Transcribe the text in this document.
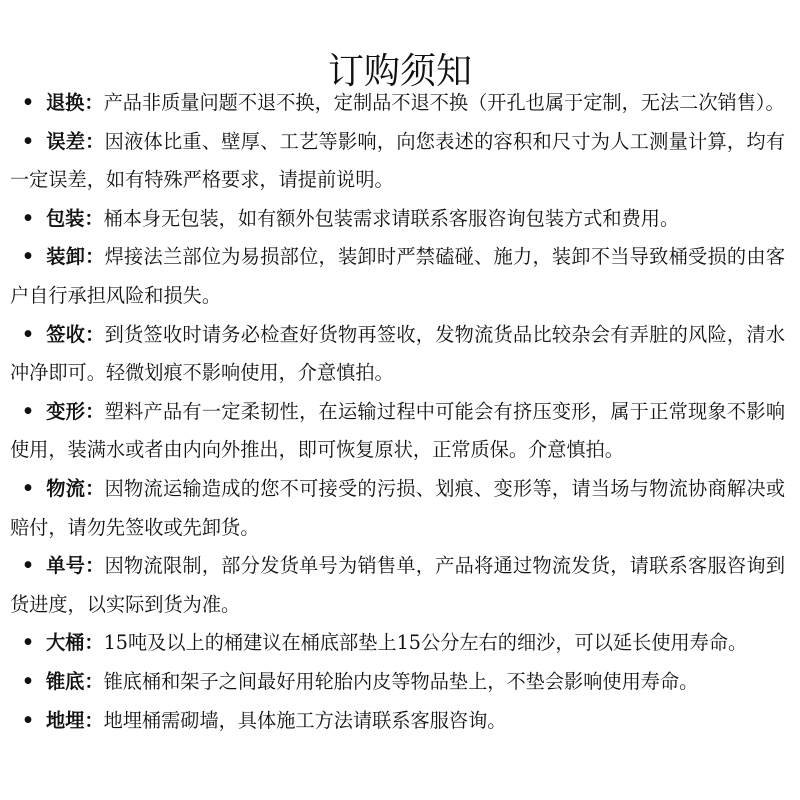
订购须知

• 退换：产品非质量问题不退不换，定制品不退不换（开孔也属于定制，无法二次销售）。

• 误差：因液体比重、壁厚、工艺等影响，向您表述的容积和尺寸为人工测量计算，均有一定误差，如有特殊严格要求，请提前说明。

• 包装：桶本身无包装，如有额外包装需求请联系客服咨询包装方式和费用。

• 装卸：焊接法兰部位为易损部位，装卸时严禁磕碰、施力，装卸不当导致桶受损的由客户自行承担风险和损失。

• 签收：到货签收时请务必检查好货物再签收，发物流货品比较杂会有弄脏的风险，清水冲净即可。轻微划痕不影响使用，介意慎拍。

• 变形：塑料产品有一定柔韧性，在运输过程中可能会有挤压变形，属于正常现象不影响使用，装满水或者由内向外推出，即可恢复原状，正常质保。介意慎拍。

• 物流：因物流运输造成的您不可接受的污损、划痕、变形等，请当场与物流协商解决或赔付，请勿先签收或先卸货。

• 单号：因物流限制，部分发货单号为销售单，产品将通过物流发货，请联系客服咨询到货进度，以实际到货为准。

• 大桶：15吨及以上的桶建议在桶底部垫上15公分左右的细沙，可以延长使用寿命。

• 锥底：锥底桶和架子之间最好用轮胎内皮等物品垫上，不垫会影响使用寿命。

• 地埋：地埋桶需砌墙，具体施工方法请联系客服咨询。
